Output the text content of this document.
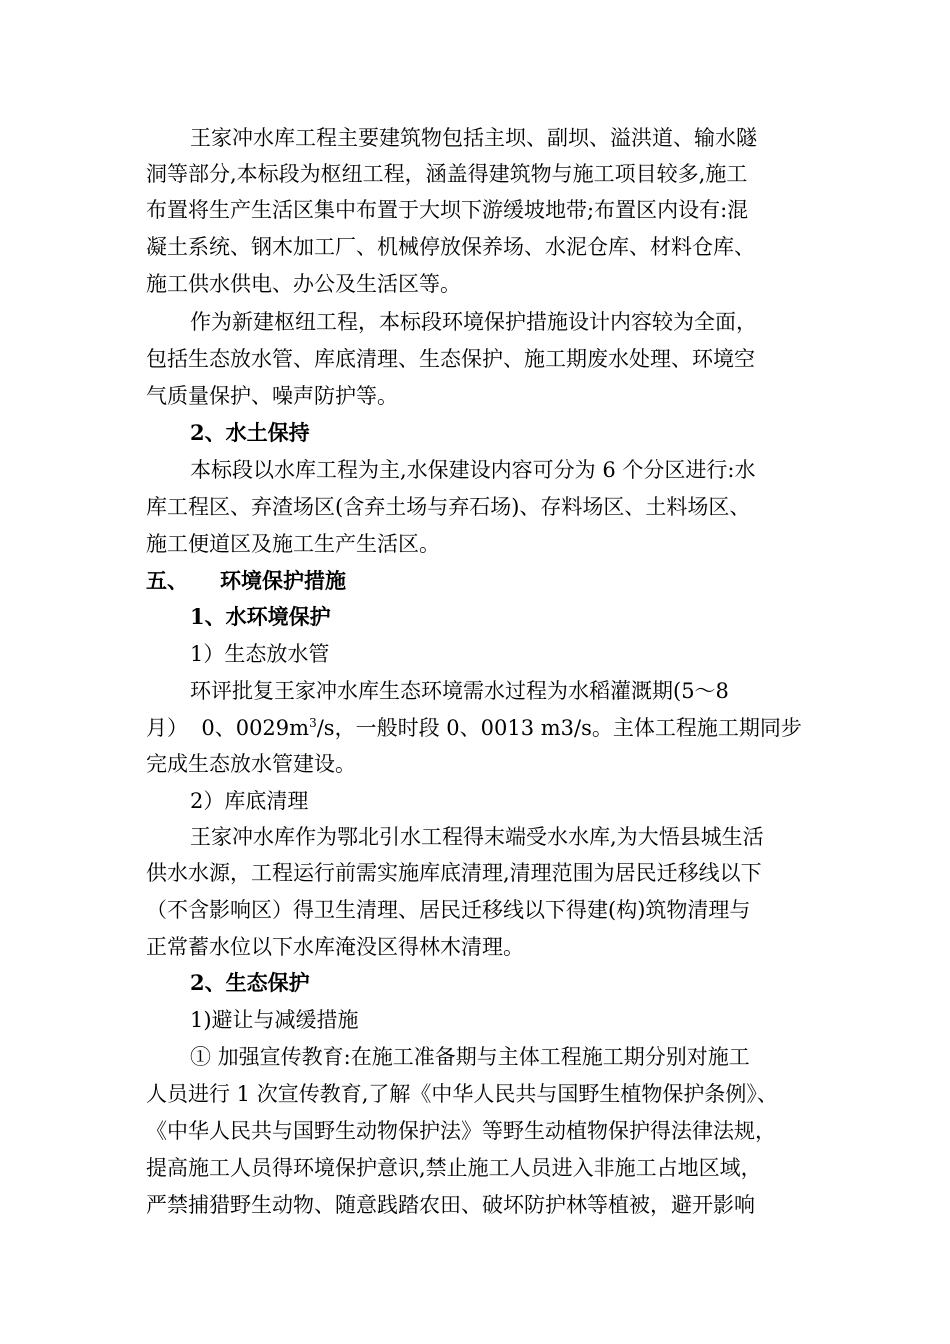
王家冲水库工程主要建筑物包括主坝、副坝、溢洪道、输水隧
洞等部分,本标段为枢纽工程，涵盖得建筑物与施工项目较多,施工
布置将生产生活区集中布置于大坝下游缓坡地带;布置区内设有:混
凝土系统、钢木加工厂、机械停放保养场、水泥仓库、材料仓库、
施工供水供电、办公及生活区等。
作为新建枢纽工程，本标段环境保护措施设计内容较为全面，
包括生态放水管、库底清理、生态保护、施工期废水处理、环境空
气质量保护、噪声防护等。
2、水土保持
本标段以水库工程为主,水保建设内容可分为 6 个分区进行:水
库工程区、弃渣场区(含弃土场与弃石场)、存料场区、土料场区、
施工便道区及施工生产生活区。
五、 环境保护措施
1、水环境保护
1）生态放水管
环评批复王家冲水库生态环境需水过程为水稻灌溉期(5～8
月）  0、$0029m^3/s$，一般时段 0、0013 m3/s。主体工程施工期同步
完成生态放水管建设。
2）库底清理
王家冲水库作为鄂北引水工程得末端受水水库,为大悟县城生活
供水水源，工程运行前需实施库底清理,清理范围为居民迁移线以下
（不含影响区）得卫生清理、居民迁移线以下得建(构)筑物清理与
正常蓄水位以下水库淹没区得林木清理。
2、生态保护
1)避让与减缓措施
① 加强宣传教育:在施工准备期与主体工程施工期分别对施工
人员进行 1 次宣传教育,了解《中华人民共与国野生植物保护条例》、
《中华人民共与国野生动物保护法》等野生动植物保护得法律法规，
提高施工人员得环境保护意识,禁止施工人员进入非施工占地区域，
严禁捕猎野生动物、随意践踏农田、破坏防护林等植被，避开影响
